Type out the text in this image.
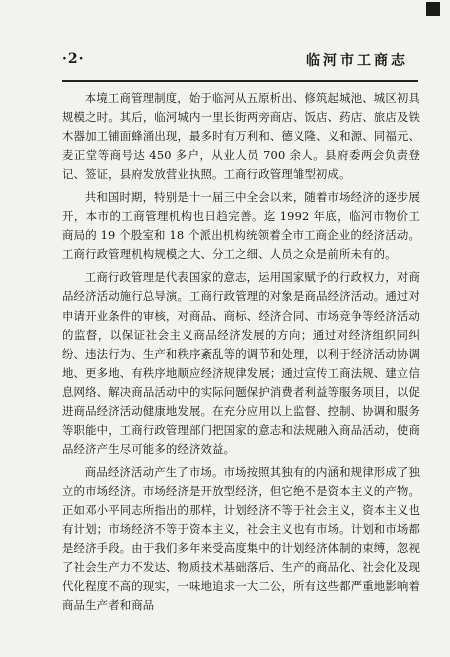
·2·	临河市工商志

本境工商管理制度，始于临河从五原析出、修筑起城池、城区初具规模之时。其后，临河城内一里长街两旁商店、饭店、药店、旅店及铁木器加工铺面蜂涌出现，最多时有万利和、德义隆、义和源、同福元、麦正堂等商号达 450 多户，从业人员 700 余人。县府委两会负责登记、签证，县府发放营业执照。工商行政管理雏型初成。

共和国时期，特别是十一届三中全会以来，随着市场经济的逐步展开，本市的工商管理机构也日趋完善。迄 1992 年底，临河市物价工商局的 19 个股室和 18 个派出机构统领着全市工商企业的经济活动。工商行政管理机构规模之大、分工之细、人员之众是前所未有的。

工商行政管理是代表国家的意志，运用国家赋予的行政权力，对商品经济活动施行总导演。工商行政管理的对象是商品经济活动。通过对申请开业条件的审核，对商品、商标、经济合同、市场竞争等经济活动的监督，以保证社会主义商品经济发展的方向；通过对经济组织同纠纷、违法行为、生产和秩序紊乱等的调节和处理，以利于经济活动协调地、更多地、有秩序地顺应经济规律发展；通过宣传工商法规、建立信息网络、解决商品活动中的实际问题保护消费者利益等服务项目，以促进商品经济活动健康地发展。在充分应用以上监督、控制、协调和服务等职能中，工商行政管理部门把国家的意志和法规融入商品活动，使商品经济产生尽可能多的经济效益。

商品经济活动产生了市场。市场按照其独有的内涵和规律形成了独立的市场经济。市场经济是开放型经济，但它绝不是资本主义的产物。正如邓小平同志所指出的那样，计划经济不等于社会主义，资本主义也有计划；市场经济不等于资本主义，社会主义也有市场。计划和市场都是经济手段。由于我们多年来受高度集中的计划经济体制的束缚，忽视了社会生产力不发达、物质技术基础落后、生产的商品化、社会化及现代化程度不高的现实，一味地追求一大二公，所有这些都严重地影响着商品生产者和商品
